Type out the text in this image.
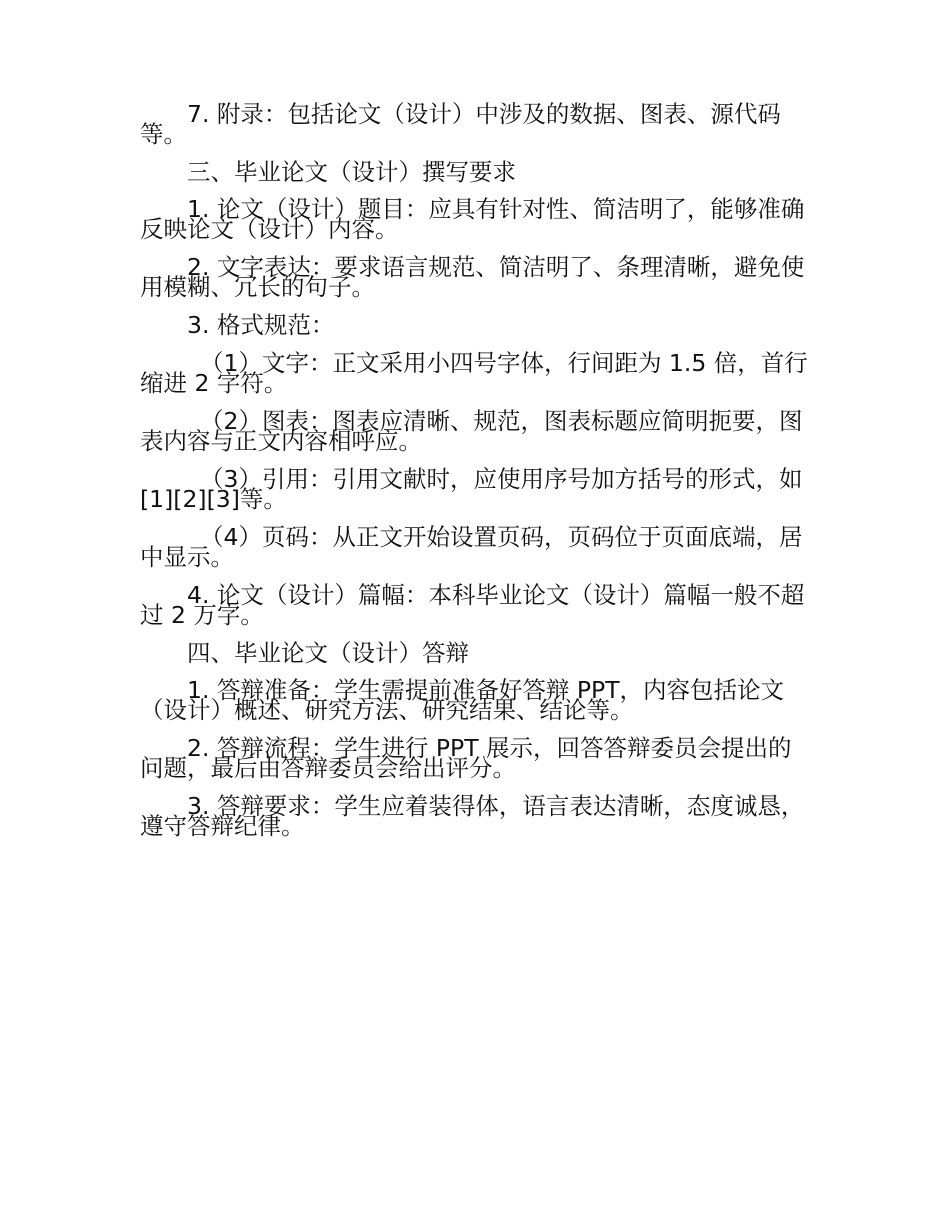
7. 附录：包括论文（设计）中涉及的数据、图表、源代码等。

三、毕业论文（设计）撰写要求

1. 论文（设计）题目：应具有针对性、简洁明了，能够准确反映论文（设计）内容。

2. 文字表达：要求语言规范、简洁明了、条理清晰，避免使用模糊、冗长的句子。

3. 格式规范：

（1）文字：正文采用小四号字体，行间距为 1.5 倍，首行缩进 2 字符。

（2）图表：图表应清晰、规范，图表标题应简明扼要，图表内容与正文内容相呼应。

（3）引用：引用文献时，应使用序号加方括号的形式，如[1][2][3]等。

（4）页码：从正文开始设置页码，页码位于页面底端，居中显示。

4. 论文（设计）篇幅：本科毕业论文（设计）篇幅一般不超过 2 万字。

四、毕业论文（设计）答辩

1. 答辩准备：学生需提前准备好答辩 PPT，内容包括论文（设计）概述、研究方法、研究结果、结论等。

2. 答辩流程：学生进行 PPT 展示，回答答辩委员会提出的问题，最后由答辩委员会给出评分。

3. 答辩要求：学生应着装得体，语言表达清晰，态度诚恳，遵守答辩纪律。
